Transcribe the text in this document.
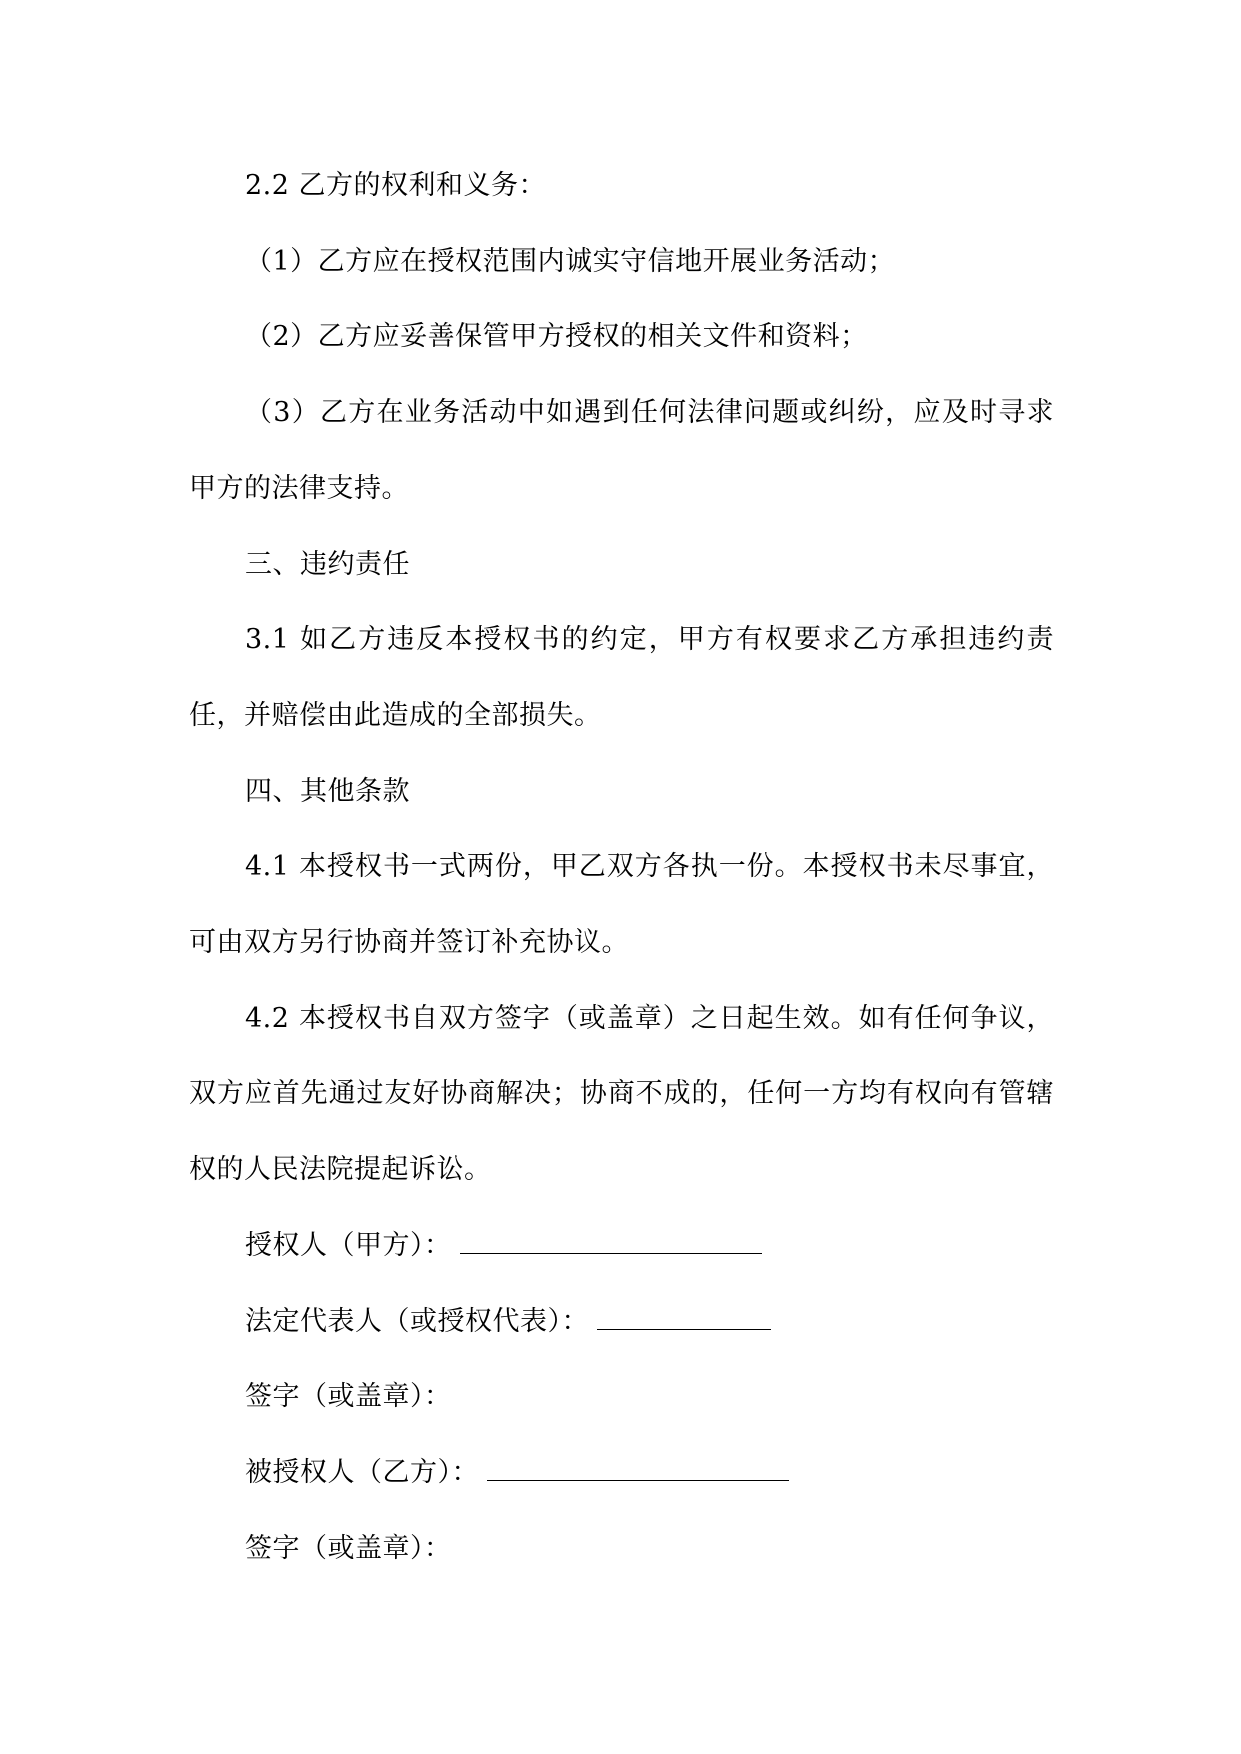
2.2 乙方的权利和义务：

（1）乙方应在授权范围内诚实守信地开展业务活动；

（2）乙方应妥善保管甲方授权的相关文件和资料；

（3）乙方在业务活动中如遇到任何法律问题或纠纷，应及时寻求甲方的法律支持。

三、违约责任

3.1 如乙方违反本授权书的约定，甲方有权要求乙方承担违约责任，并赔偿由此造成的全部损失。

四、其他条款

4.1 本授权书一式两份，甲乙双方各执一份。本授权书未尽事宜，可由双方另行协商并签订补充协议。

4.2 本授权书自双方签字（或盖章）之日起生效。如有任何争议，双方应首先通过友好协商解决；协商不成的，任何一方均有权向有管辖权的人民法院提起诉讼。

授权人（甲方）：

法定代表人（或授权代表）：

签字（或盖章）：

被授权人（乙方）：

签字（或盖章）：
